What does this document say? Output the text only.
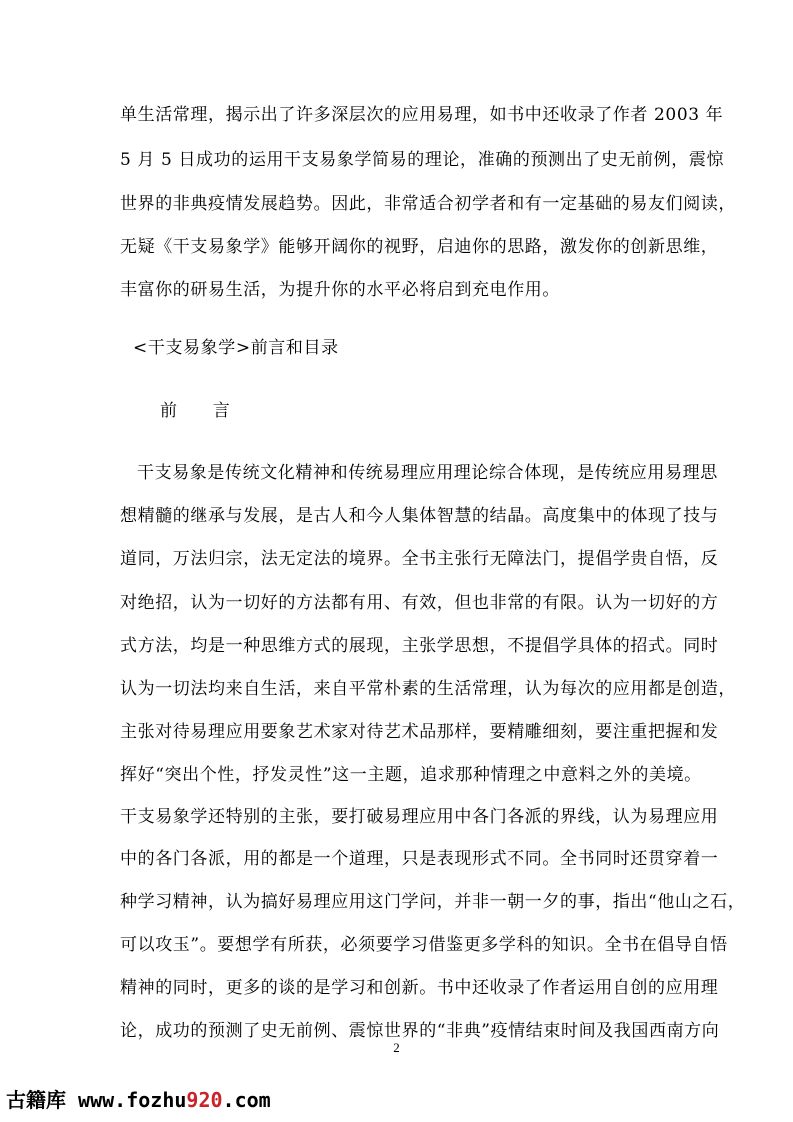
单生活常理，揭示出了许多深层次的应用易理，如书中还收录了作者 2003 年
5 月 5 日成功的运用干支易象学简易的理论，准确的预测出了史无前例，震惊
世界的非典疫情发展趋势。因此，非常适合初学者和有一定基础的易友们阅读，
无疑《干支易象学》能够开阔你的视野，启迪你的思路，激发你的创新思维，
丰富你的研易生活，为提升你的水平必将启到充电作用。
<干支易象学>前言和目录
前　　言
干支易象是传统文化精神和传统易理应用理论综合体现，是传统应用易理思
想精髓的继承与发展，是古人和今人集体智慧的结晶。高度集中的体现了技与
道同，万法归宗，法无定法的境界。全书主张行无障法门，提倡学贵自悟，反
对绝招，认为一切好的方法都有用、有效，但也非常的有限。认为一切好的方
式方法，均是一种思维方式的展现，主张学思想，不提倡学具体的招式。同时
认为一切法均来自生活，来自平常朴素的生活常理，认为每次的应用都是创造，
主张对待易理应用要象艺术家对待艺术品那样，要精雕细刻，要注重把握和发
挥好“突出个性，抒发灵性”这一主题，追求那种情理之中意料之外的美境。
干支易象学还特别的主张，要打破易理应用中各门各派的界线，认为易理应用
中的各门各派，用的都是一个道理，只是表现形式不同。全书同时还贯穿着一
种学习精神，认为搞好易理应用这门学问，并非一朝一夕的事，指出“他山之石，
可以攻玉”。要想学有所获，必须要学习借鉴更多学科的知识。全书在倡导自悟
精神的同时，更多的谈的是学习和创新。书中还收录了作者运用自创的应用理
论，成功的预测了史无前例、震惊世界的“非典”疫情结束时间及我国西南方向
2
古籍库 www.fozhu920.com
